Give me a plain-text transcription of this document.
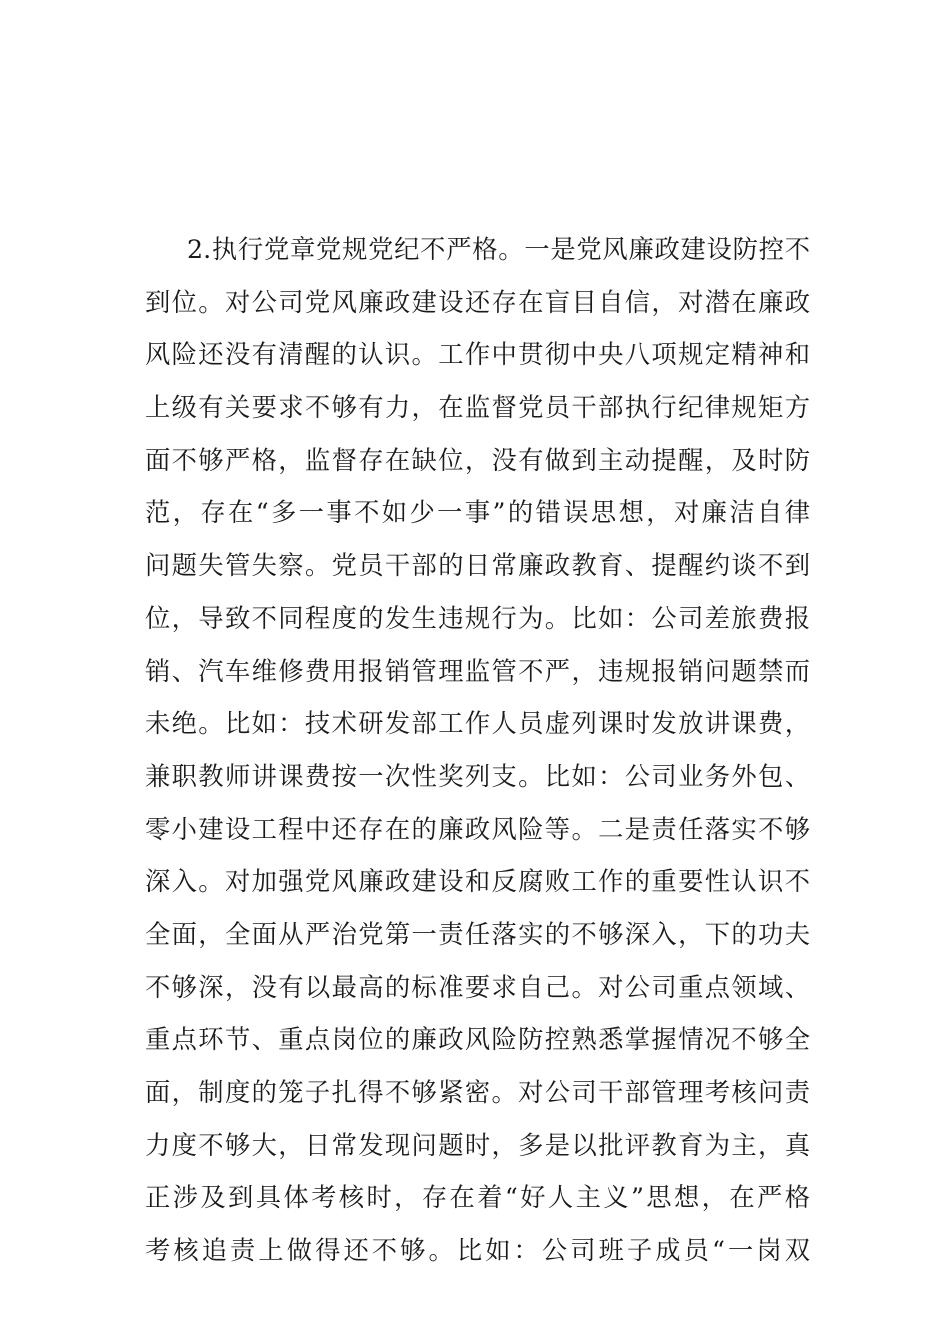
2.执行党章党规党纪不严格。一是党风廉政建设防控不
到位。对公司党风廉政建设还存在盲目自信，对潜在廉政
风险还没有清醒的认识。工作中贯彻中央八项规定精神和
上级有关要求不够有力，在监督党员干部执行纪律规矩方
面不够严格，监督存在缺位，没有做到主动提醒，及时防
范，存在“多一事不如少一事”的错误思想，对廉洁自律
问题失管失察。党员干部的日常廉政教育、提醒约谈不到
位，导致不同程度的发生违规行为。比如：公司差旅费报
销、汽车维修费用报销管理监管不严，违规报销问题禁而
未绝。比如：技术研发部工作人员虚列课时发放讲课费，
兼职教师讲课费按一次性奖列支。比如：公司业务外包、
零小建设工程中还存在的廉政风险等。二是责任落实不够
深入。对加强党风廉政建设和反腐败工作的重要性认识不
全面，全面从严治党第一责任落实的不够深入，下的功夫
不够深，没有以最高的标准要求自己。对公司重点领域、
重点环节、重点岗位的廉政风险防控熟悉掌握情况不够全
面，制度的笼子扎得不够紧密。对公司干部管理考核问责
力度不够大，日常发现问题时，多是以批评教育为主，真
正涉及到具体考核时，存在着“好人主义”思想，在严格
考核追责上做得还不够。比如：公司班子成员“一岗双
